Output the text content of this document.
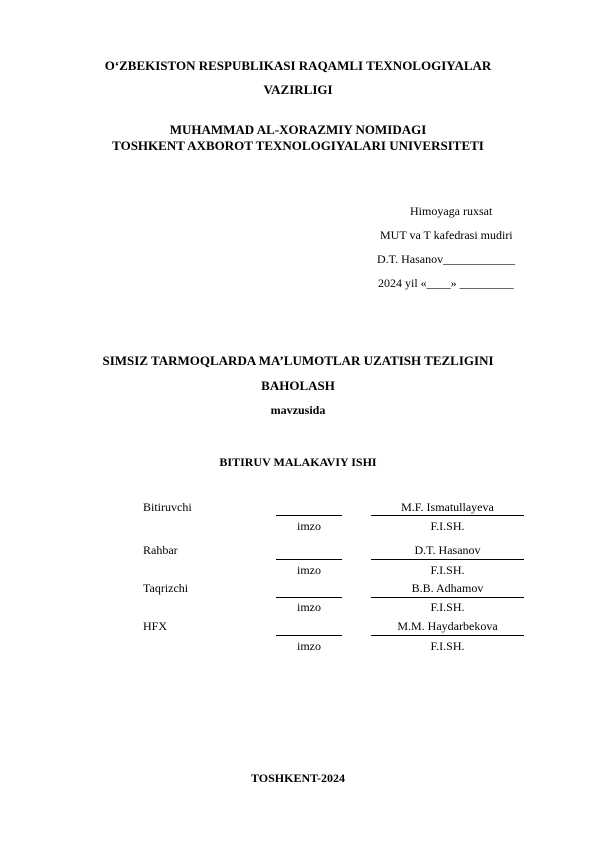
O‘ZBEKISTON RESPUBLIKASI RAQAMLI TEXNOLOGIYALAR
VAZIRLIGI
MUHAMMAD AL-XORAZMIY NOMIDAGI
TOSHKENT AXBOROT TEXNOLOGIYALARI UNIVERSITETI
Himoyaga ruxsat
MUT va T kafedrasi mudiri
D.T. Hasanov____________
2024 yil «____» _________
SIMSIZ TARMOQLARDA MA’LUMOTLAR UZATISH TEZLIGINI
BAHOLASH
mavzusida
BITIRUV MALAKAVIY ISHI
Bitiruvchi
imzo
M.F. Ismatullayeva
F.I.SH.
Rahbar
imzo
D.T. Hasanov
F.I.SH.
Taqrizchi
imzo
B.B. Adhamov
F.I.SH.
HFX
imzo
M.M. Haydarbekova
F.I.SH.
TOSHKENT-2024
